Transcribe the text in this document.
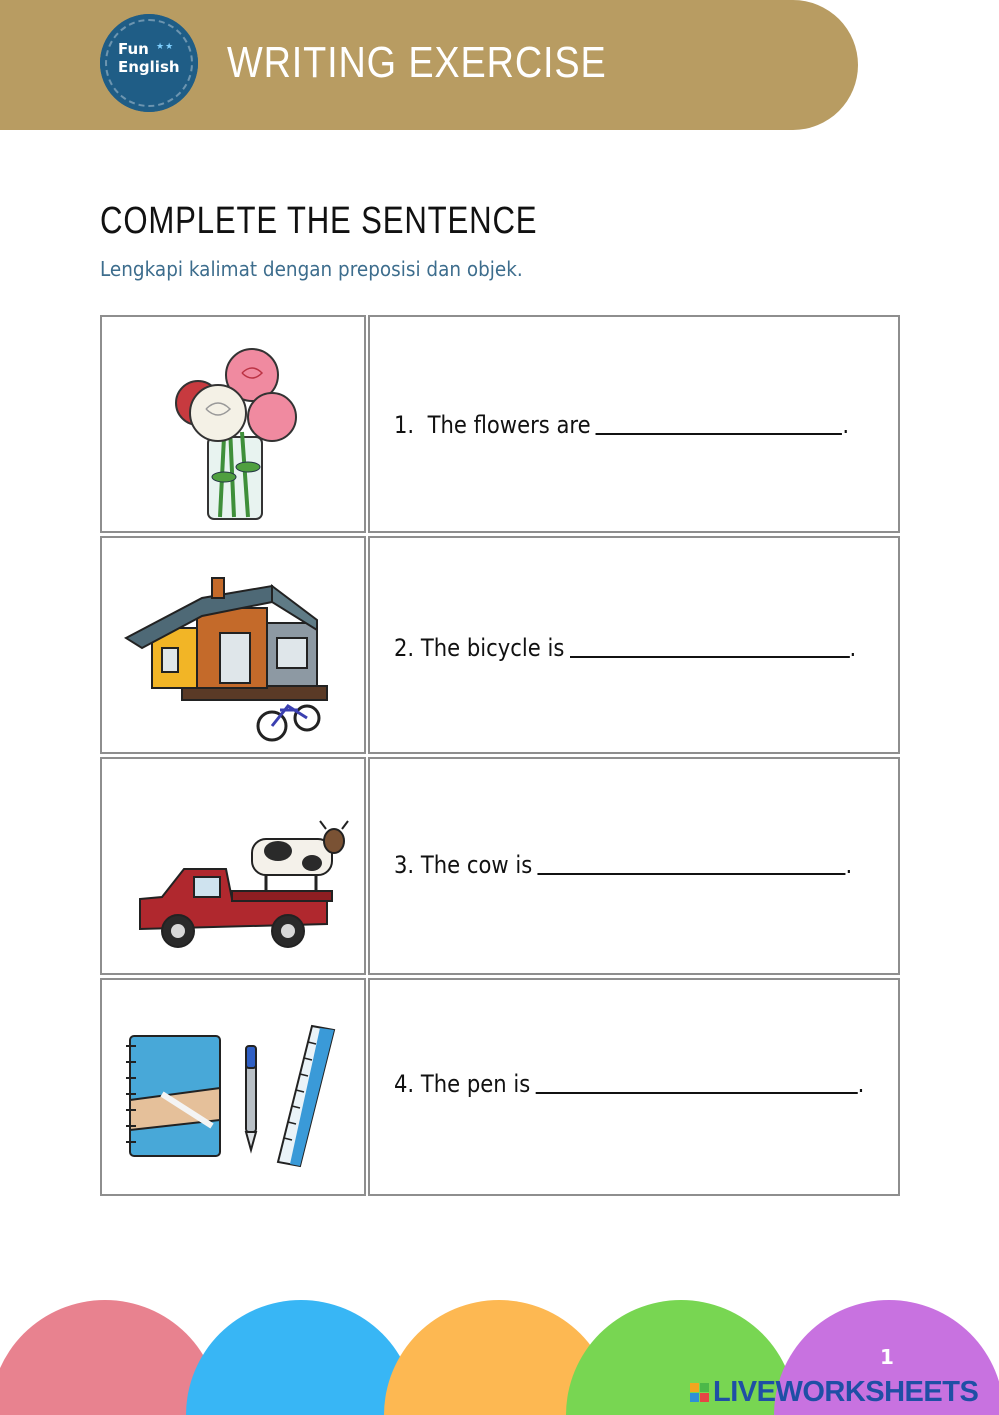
Fun
English
★★ WRITING EXERCISE
COMPLETE THE SENTENCE
Lengkapi kalimat dengan preposisi dan objek.
1.
The flowers are	.
2.
The bicycle is	.
3.
The cow is	.
4.
The pen is	.
1
LIVEWORKSHEETS
